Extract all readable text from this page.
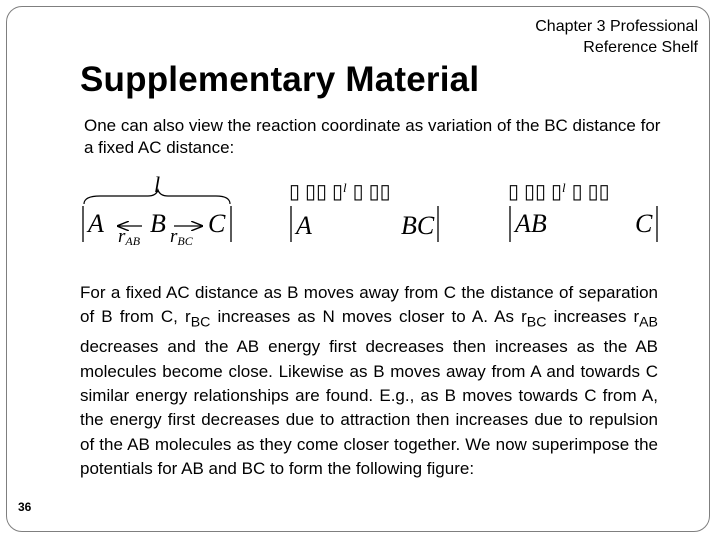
Chapter 3 Professional
Reference Shelf
Supplementary Material
One can also view the reaction coordinate as variation of the BC distance for a fixed AC distance:
l
A B C
rAB rBC
▯ ▯▯ ▯$^l$ ▯ ▯▯
A	BC
▯ ▯▯ ▯$^l$ ▯ ▯▯
AB	C
For a fixed AC distance as B moves away from C the distance of separation of B from C, $r_{BC}$ increases as N moves closer to A. As $r_{BC}$ increases $r_{AB}$ decreases and the AB energy first decreases then increases as the AB molecules become close. Likewise as B moves away from A and towards C similar energy relationships are found. E.g., as B moves towards C from A, the energy first decreases due to attraction then increases due to repulsion of the AB molecules as they come closer together. We now superimpose the potentials for AB and BC to form the following figure:
36
